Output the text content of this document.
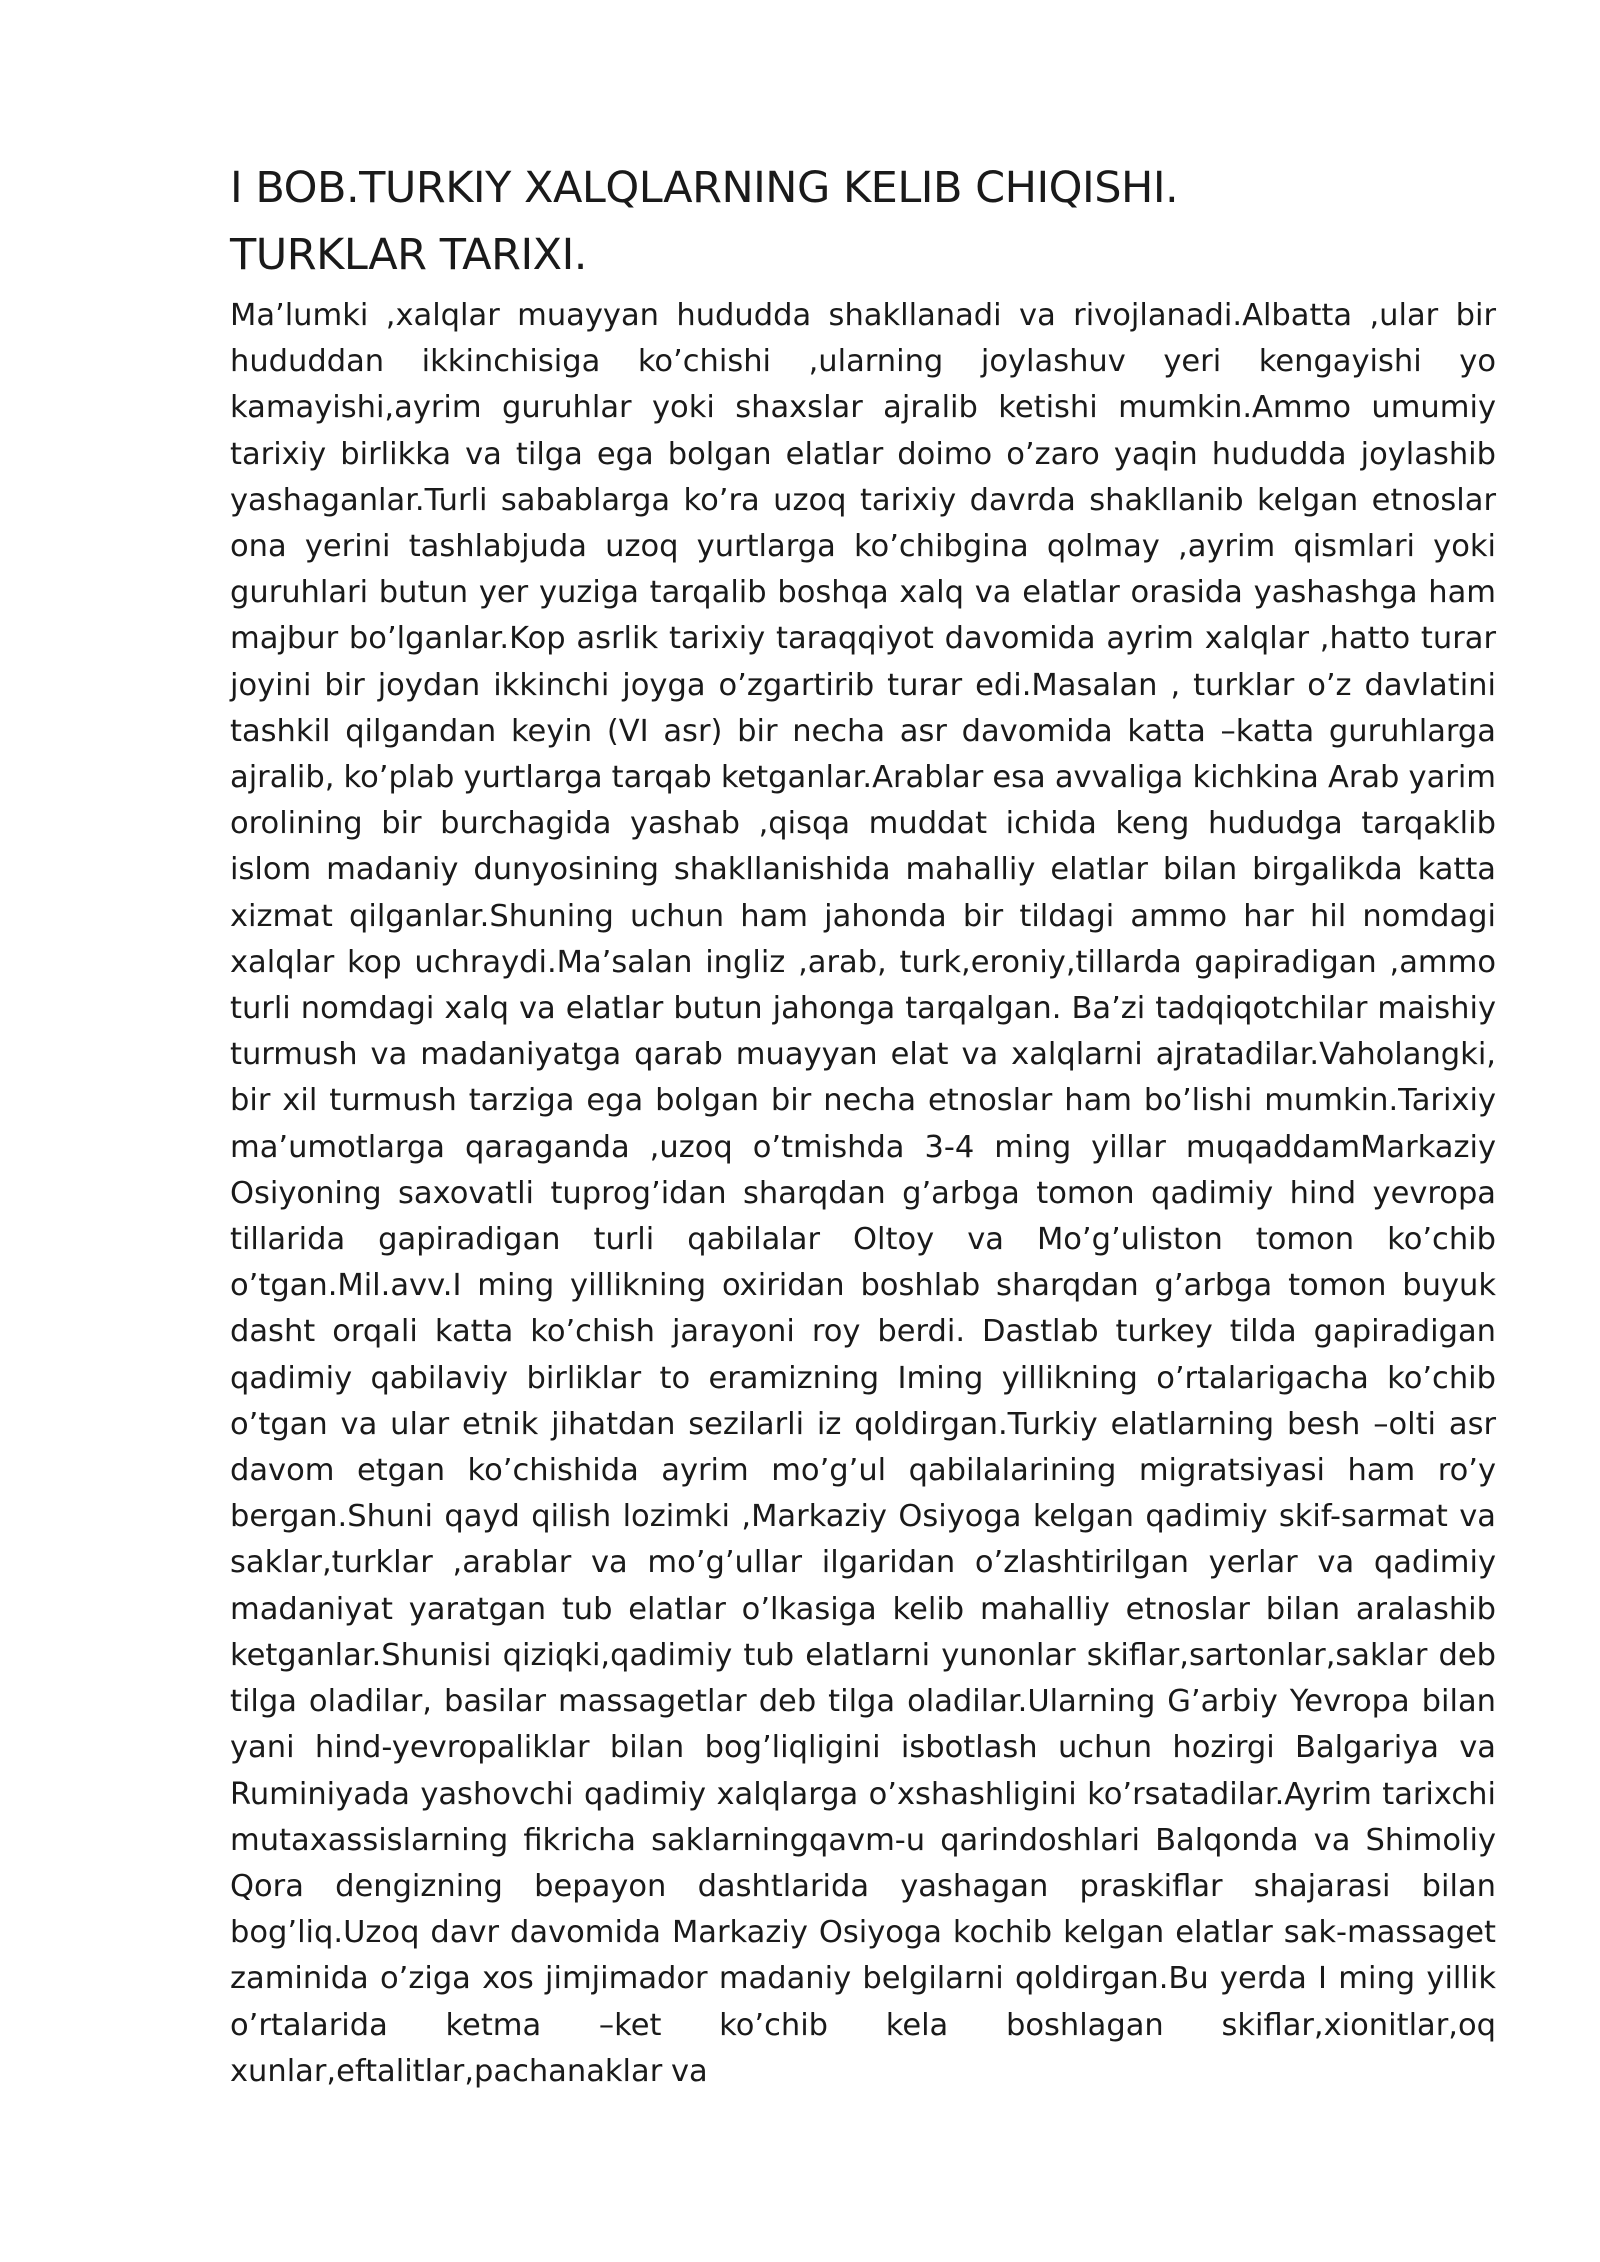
I BOB.TURKIY XALQLARNING KELIB CHIQISHI.
TURKLAR TARIXI.

Ma’lumki ,xalqlar muayyan hududda shakllanadi va rivojlanadi.Albatta ,ular bir hududdan ikkinchisiga ko’chishi ,ularning joylashuv yeri kengayishi yo kamayishi,ayrim guruhlar yoki shaxslar ajralib ketishi mumkin.Ammo umumiy tarixiy birlikka va tilga ega bolgan elatlar doimo o’zaro yaqin hududda joylashib yashaganlar.Turli sabablarga ko’ra uzoq tarixiy davrda shakllanib kelgan etnoslar ona yerini tashlabjuda uzoq yurtlarga ko’chibgina qolmay ,ayrim qismlari yoki guruhlari butun yer yuziga tarqalib boshqa xalq va elatlar orasida yashashga ham majbur bo’lganlar.Kop asrlik tarixiy taraqqiyot davomida ayrim xalqlar ,hatto turar joyini bir joydan ikkinchi joyga o’zgartirib turar edi.Masalan , turklar o’z davlatini tashkil qilgandan keyin (VI asr) bir necha asr davomida katta –katta guruhlarga ajralib, ko’plab yurtlarga tarqab ketganlar.Arablar esa avvaliga kichkina Arab yarim orolining bir burchagida yashab ,qisqa muddat ichida keng hududga tarqaklib islom madaniy dunyosining shakllanishida mahalliy elatlar bilan birgalikda katta xizmat qilganlar.Shuning uchun ham jahonda bir tildagi ammo har hil nomdagi xalqlar kop uchraydi.Ma’salan ingliz ,arab, turk,eroniy,tillarda gapiradigan ,ammo turli nomdagi xalq va elatlar butun jahonga tarqalgan. Ba’zi tadqiqotchilar maishiy turmush va madaniyatga qarab muayyan elat va xalqlarni ajratadilar.Vaholangki, bir xil turmush tarziga ega bolgan bir necha etnoslar ham bo’lishi mumkin.Tarixiy ma’umotlarga qaraganda ,uzoq o’tmishda 3-4 ming yillar muqaddamMarkaziy Osiyoning saxovatli tuprog’idan sharqdan g’arbga tomon qadimiy hind yevropa tillarida gapiradigan turli qabilalar Oltoy va Mo’g’uliston tomon ko’chib o’tgan.Mil.avv.I ming yillikning oxiridan boshlab sharqdan g’arbga tomon buyuk dasht orqali katta ko’chish jarayoni roy berdi. Dastlab turkey tilda gapiradigan qadimiy qabilaviy birliklar to eramizning Iming yillikning o’rtalarigacha ko’chib o’tgan va ular etnik jihatdan sezilarli iz qoldirgan.Turkiy elatlarning besh –olti asr davom etgan ko’chishida ayrim mo’g’ul qabilalarining migratsiyasi ham ro’y bergan.Shuni qayd qilish lozimki ,Markaziy Osiyoga kelgan qadimiy skif-sarmat va saklar,turklar ,arablar va mo’g’ullar ilgaridan o’zlashtirilgan yerlar va qadimiy madaniyat yaratgan tub elatlar o’lkasiga kelib mahalliy etnoslar bilan aralashib ketganlar.Shunisi qiziqki,qadimiy tub elatlarni yunonlar skiflar,sartonlar,saklar deb tilga oladilar, basilar massagetlar deb tilga oladilar.Ularning G’arbiy Yevropa bilan yani hind-yevropaliklar bilan bog’liqligini isbotlash uchun hozirgi Balgariya va Ruminiyada yashovchi qadimiy xalqlarga o’xshashligini ko’rsatadilar.Ayrim tarixchi mutaxassislarning fikricha saklarningqavm-u qarindoshlari Balqonda va Shimoliy Qora dengizning bepayon dashtlarida yashagan praskiflar shajarasi bilan bog’liq.Uzoq davr davomida Markaziy Osiyoga kochib kelgan elatlar sak-massaget zaminida o’ziga xos jimjimador madaniy belgilarni qoldirgan.Bu yerda I ming yillik o’rtalarida ketma –ket ko’chib kela boshlagan skiflar,xionitlar,oq xunlar,eftalitlar,pachanaklar va
